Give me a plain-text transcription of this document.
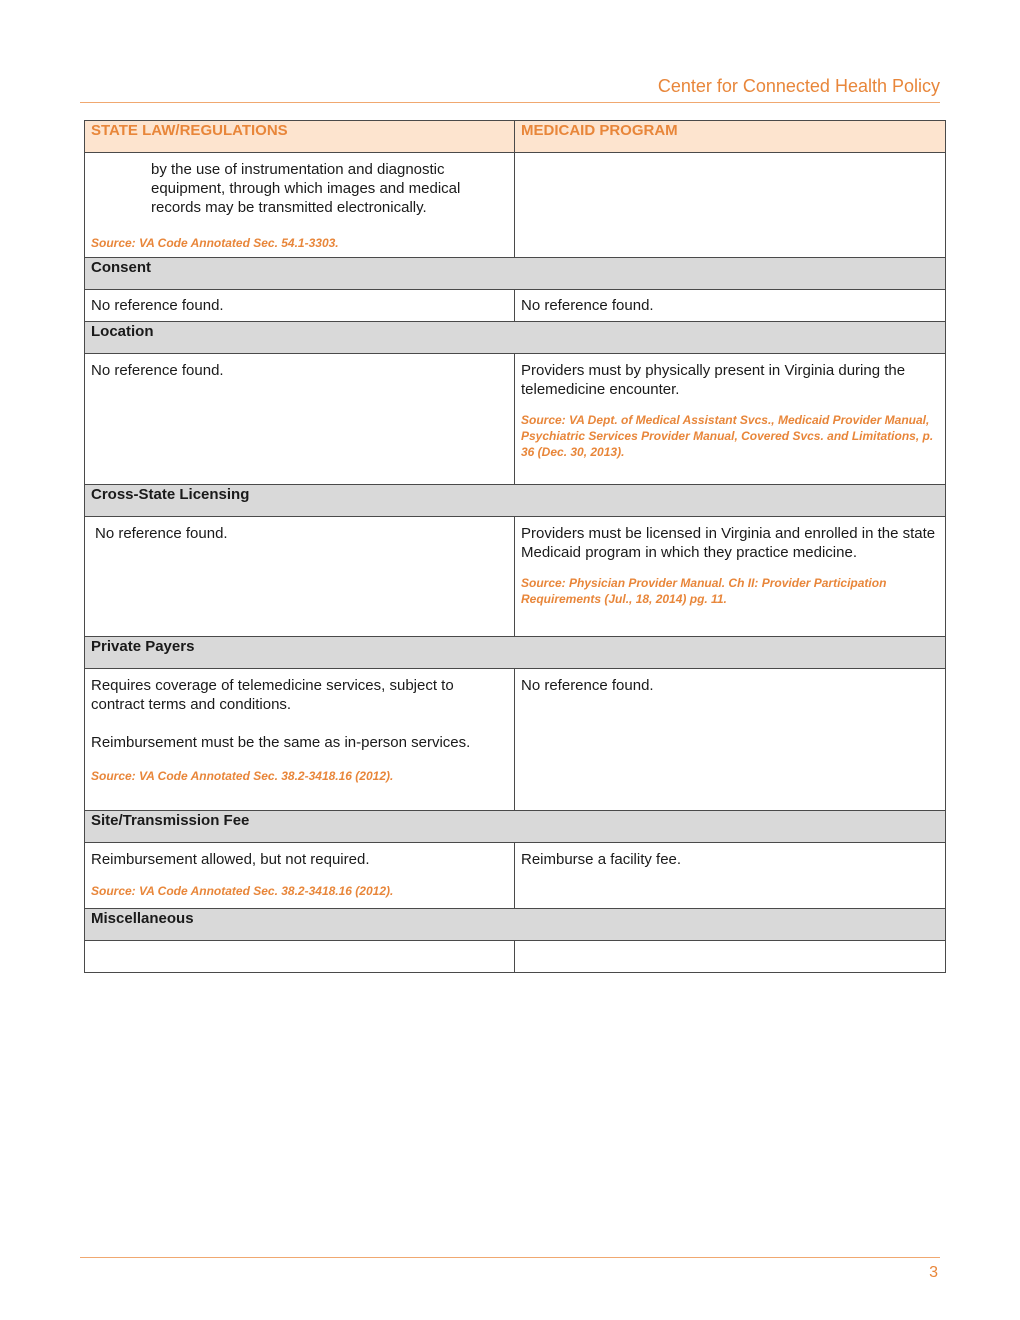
Center for Connected Health Policy
STATE LAW/REGULATIONS	MEDICAID PROGRAM

by the use of instrumentation and diagnostic equipment, through which images and medical records may be transmitted electronically.

Source: VA Code Annotated Sec. 54.1-3303.	

Consent	
No reference found.	No reference found.
Location	

No reference found.	Providers must by physically present in Virginia during the telemedicine encounter.

Source: VA Dept. of Medical Assistant Svcs., Medicaid Provider Manual, Psychiatric Services Provider Manual, Covered Svcs. and Limitations, p. 36 (Dec. 30, 2013).

Cross-State Licensing	

No reference found.	Providers must be licensed in Virginia and enrolled in the state Medicaid program in which they practice medicine.

Source: Physician Provider Manual. Ch II: Provider Participation Requirements (Jul., 18, 2014) pg. 11.

Private Payers	

Requires coverage of telemedicine services, subject to contract terms and conditions.

Reimbursement must be the same as in-person services.

Source: VA Code Annotated Sec. 38.2-3418.16 (2012).	No reference found.

Site/Transmission Fee	

Reimbursement allowed, but not required.

Source: VA Code Annotated Sec. 38.2-3418.16 (2012).	Reimburse a facility fee.

Miscellaneous	

3
